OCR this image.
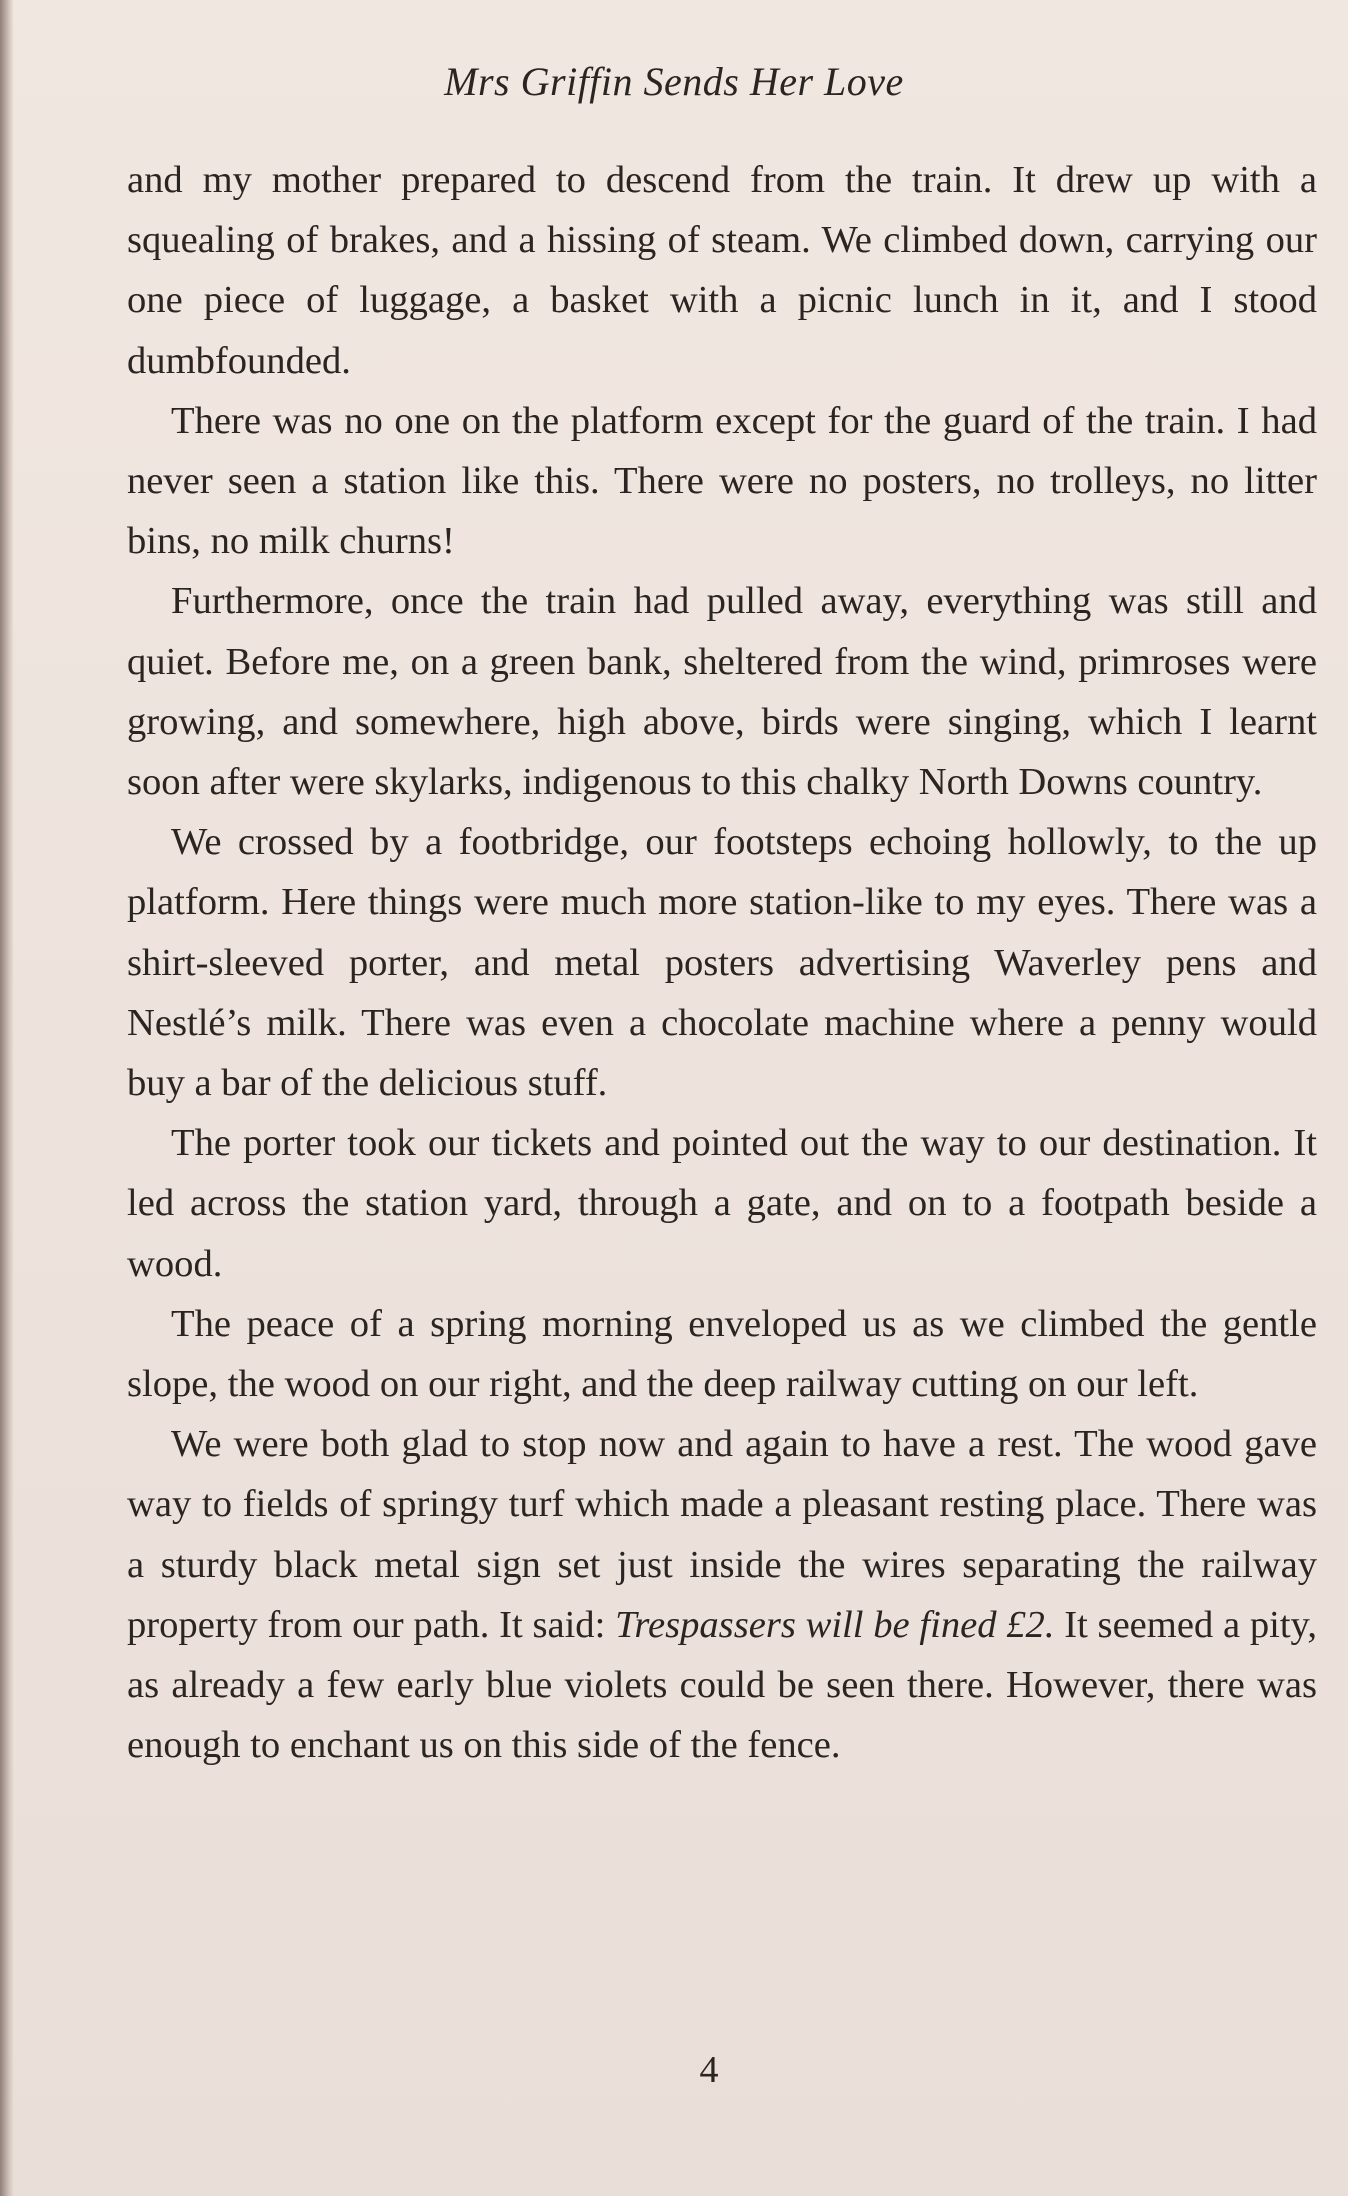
Mrs Griffin Sends Her Love

and my mother prepared to descend from the train. It drew up with a squealing of brakes, and a hissing of steam. We climbed down, carrying our one piece of luggage, a basket with a picnic lunch in it, and I stood dumbfounded.

There was no one on the platform except for the guard of the train. I had never seen a station like this. There were no posters, no trolleys, no litter bins, no milk churns!

Furthermore, once the train had pulled away, everything was still and quiet. Before me, on a green bank, sheltered from the wind, primroses were growing, and somewhere, high above, birds were singing, which I learnt soon after were skylarks, indigenous to this chalky North Downs country.

We crossed by a footbridge, our footsteps echoing hollowly, to the up platform. Here things were much more station-like to my eyes. There was a shirt-sleeved porter, and metal posters advertising Waverley pens and Nestlé’s milk. There was even a chocolate machine where a penny would buy a bar of the delicious stuff.

The porter took our tickets and pointed out the way to our destination. It led across the station yard, through a gate, and on to a footpath beside a wood.

The peace of a spring morning enveloped us as we climbed the gentle slope, the wood on our right, and the deep railway cutting on our left.

We were both glad to stop now and again to have a rest. The wood gave way to fields of springy turf which made a pleasant resting place. There was a sturdy black metal sign set just inside the wires separating the railway property from our path. It said: Trespassers will be fined £2. It seemed a pity, as already a few early blue violets could be seen there. However, there was enough to enchant us on this side of the fence.

4
